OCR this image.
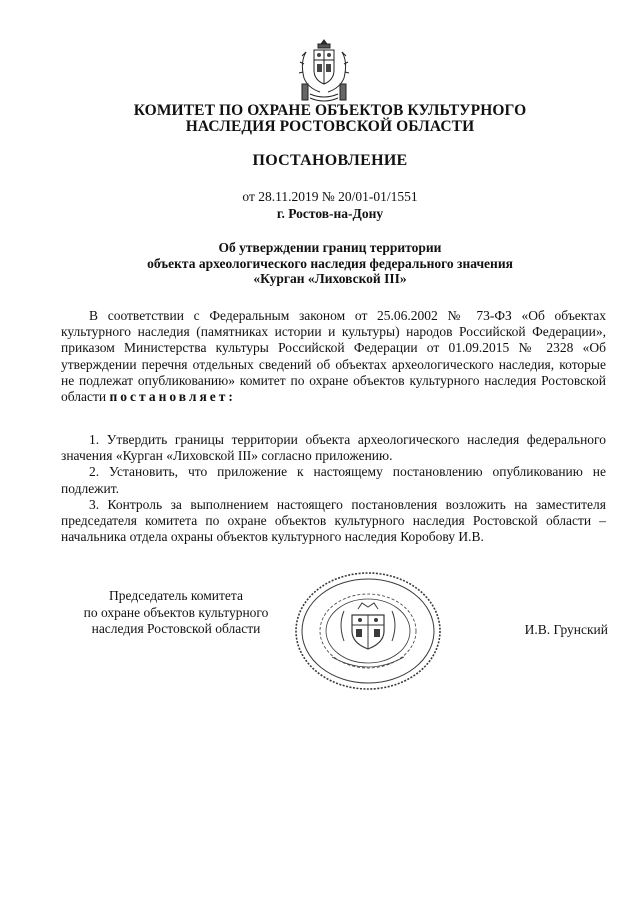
КОМИТЕТ ПО ОХРАНЕ ОБЪЕКТОВ КУЛЬТУРНОГО
НАСЛЕДИЯ РОСТОВСКОЙ ОБЛАСТИ
ПОСТАНОВЛЕНИЕ
от 28.11.2019 № 20/01-01/1551
г. Ростов-на-Дону
Об утверждении границ территории
объекта археологического наследия федерального значения
«Курган «Лиховской III»

В соответствии с Федеральным законом от 25.06.2002 № 73-ФЗ «Об объектах культурного наследия (памятниках истории и культуры) народов Российской Федерации», приказом Министерства культуры Российской Федерации от 01.09.2015 № 2328 «Об утверждении перечня отдельных сведений об объектах археологического наследия, которые не подлежат опубликованию» комитет по охране объектов культурного наследия Ростовской области постановляет:

1. Утвердить границы территории объекта археологического наследия федерального значения «Курган «Лиховской III» согласно приложению.

2. Установить, что приложение к настоящему постановлению опубликованию не подлежит.

3. Контроль за выполнением настоящего постановления возложить на заместителя председателя комитета по охране объектов культурного наследия Ростовской области – начальника отдела охраны объектов культурного наследия Коробову И.В.

Председатель комитета
по охране объектов культурного
наследия Ростовской области	И.В. Грунский
